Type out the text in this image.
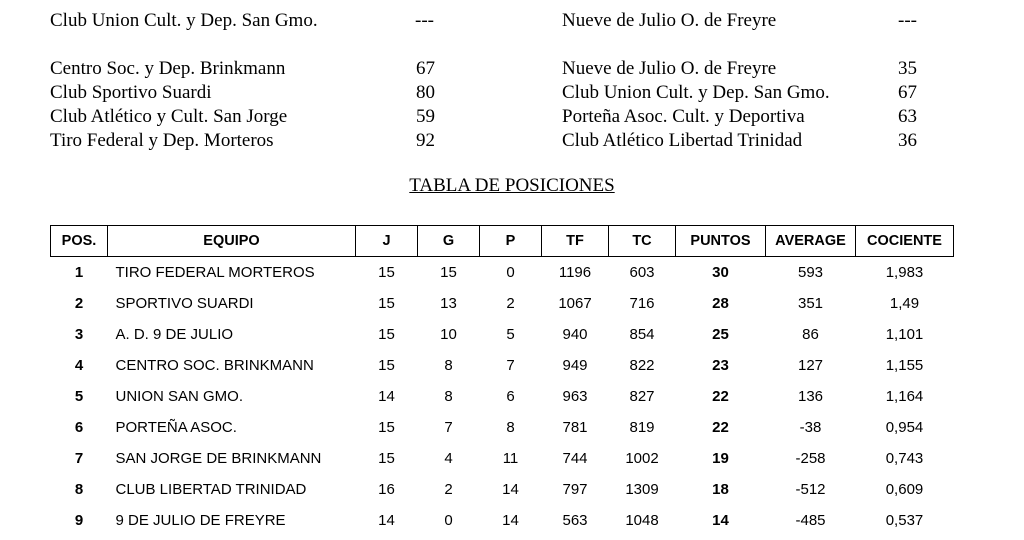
Club Union Cult. y Dep. San Gmo.	---	Nueve de Julio O. de Freyre	---
Centro Soc. y Dep. Brinkmann	67	Nueve de Julio O. de Freyre	35
Club Sportivo Suardi	80	Club Union Cult. y Dep. San Gmo.	67
Club Atlético y Cult. San Jorge	59	Porteña Asoc. Cult. y Deportiva	63
Tiro Federal y Dep. Morteros	92	Club Atlético Libertad Trinidad	36
TABLA DE POSICIONES
POS.	EQUIPO	J	G	P	TF	TC	PUNTOS	AVERAGE	COCIENTE
1	TIRO FEDERAL MORTEROS	15	15	0	1196	603	30	593	1,983
2	SPORTIVO SUARDI	15	13	2	1067	716	28	351	1,49
3	A. D. 9 DE JULIO	15	10	5	940	854	25	86	1,101
4	CENTRO SOC. BRINKMANN	15	8	7	949	822	23	127	1,155
5	UNION SAN GMO.	14	8	6	963	827	22	136	1,164
6	PORTEÑA ASOC.	15	7	8	781	819	22	-38	0,954
7	SAN JORGE DE BRINKMANN	15	4	11	744	1002	19	-258	0,743
8	CLUB LIBERTAD TRINIDAD	16	2	14	797	1309	18	-512	0,609
9	9 DE JULIO DE FREYRE	14	0	14	563	1048	14	-485	0,537
